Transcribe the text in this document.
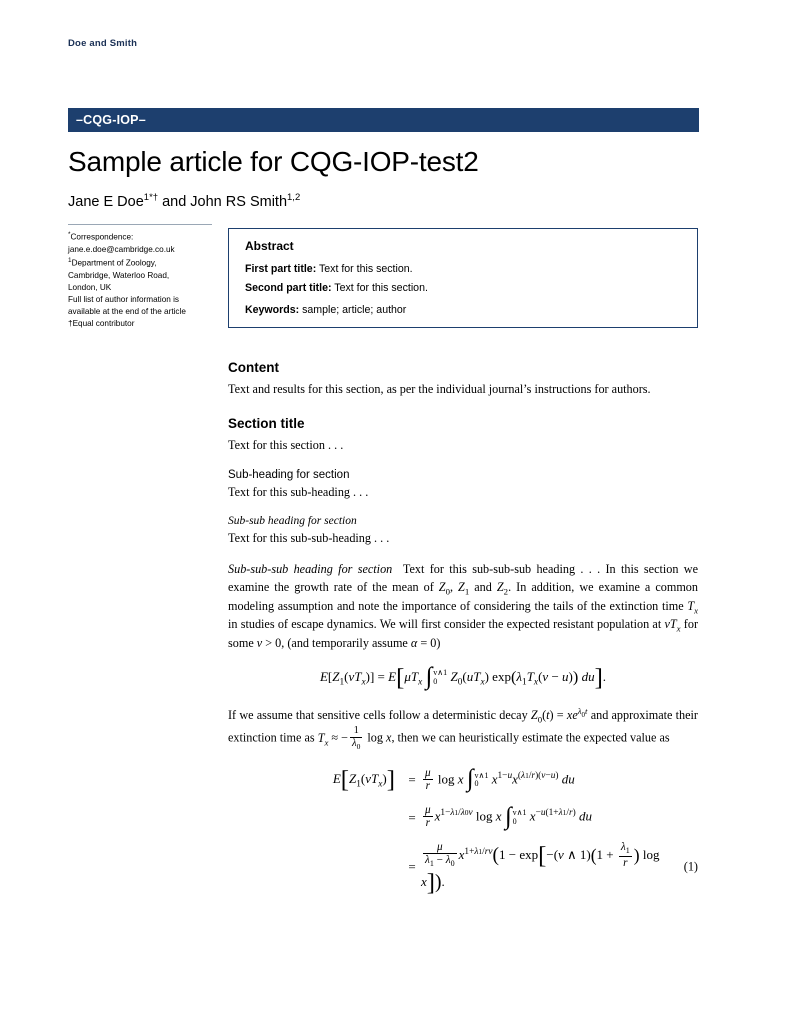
Doe and Smith
–CQG-IOP–
Sample article for CQG-IOP-test2
Jane E Doe$^{1*\dagger}$ and John RS Smith$^{1,2}$
*Correspondence:
jane.e.doe@cambridge.co.uk
$^1$Department of Zoology,
Cambridge, Waterloo Road,
London, UK
Full list of author information is
available at the end of the article
†Equal contributor
Abstract
First part title: Text for this section.
Second part title: Text for this section.
Keywords: sample; article; author
Content

Text and results for this section, as per the individual journal’s instructions for authors.

Section title

Text for this section . . .

Sub-heading for section

Text for this sub-heading . . .

Sub-sub heading for section

Text for this sub-sub-heading . . .

Sub-sub-sub heading for section  Text for this sub-sub-sub heading . . . In this section we examine the growth rate of the mean of $Z_0$, $Z_1$ and $Z_2$. In addition, we examine a common modeling assumption and note the importance of considering the tails of the extinction time $T_x$ in studies of escape dynamics. We will first consider the expected resistant population at $vT_x$ for some v > 0, (and temporarily assume α = 0)

$E[Z_1(vT_x)] = E[\mu T_x$ ∫ v∧1
0	$Z_0(uT_x) \exp(\lambda_1T_x(v - u))$ du].

If we assume that sensitive cells follow a deterministic decay $Z_0(t) = xe^{\lambda_0t}$ and approximate their extinction time as $T_x$ ≈ − $\frac{1}{\lambda_0}$ log x, then we can heuristically estimate the expected value as

$E[Z_1(vT_x)]$	= $\frac{\mu}{r}$ log x ∫ v∧1
0	$x^{1-u}x^{(\lambda 1/r)(v-u)}$ du
= $\frac{\mu}{r} x^{1-\lambda 1/\lambda 0v}$ log x ∫ v∧1
0	$x^{-u(1+\lambda 1/r)}$ du
= $\frac{\mu}{\lambda_1 - \lambda_0} x^{1+\lambda 1/rv}(1 - \exp[-(v$ ∧ $1)(1 + \frac{\lambda_1}{r}$ ) log x]).
(1)
